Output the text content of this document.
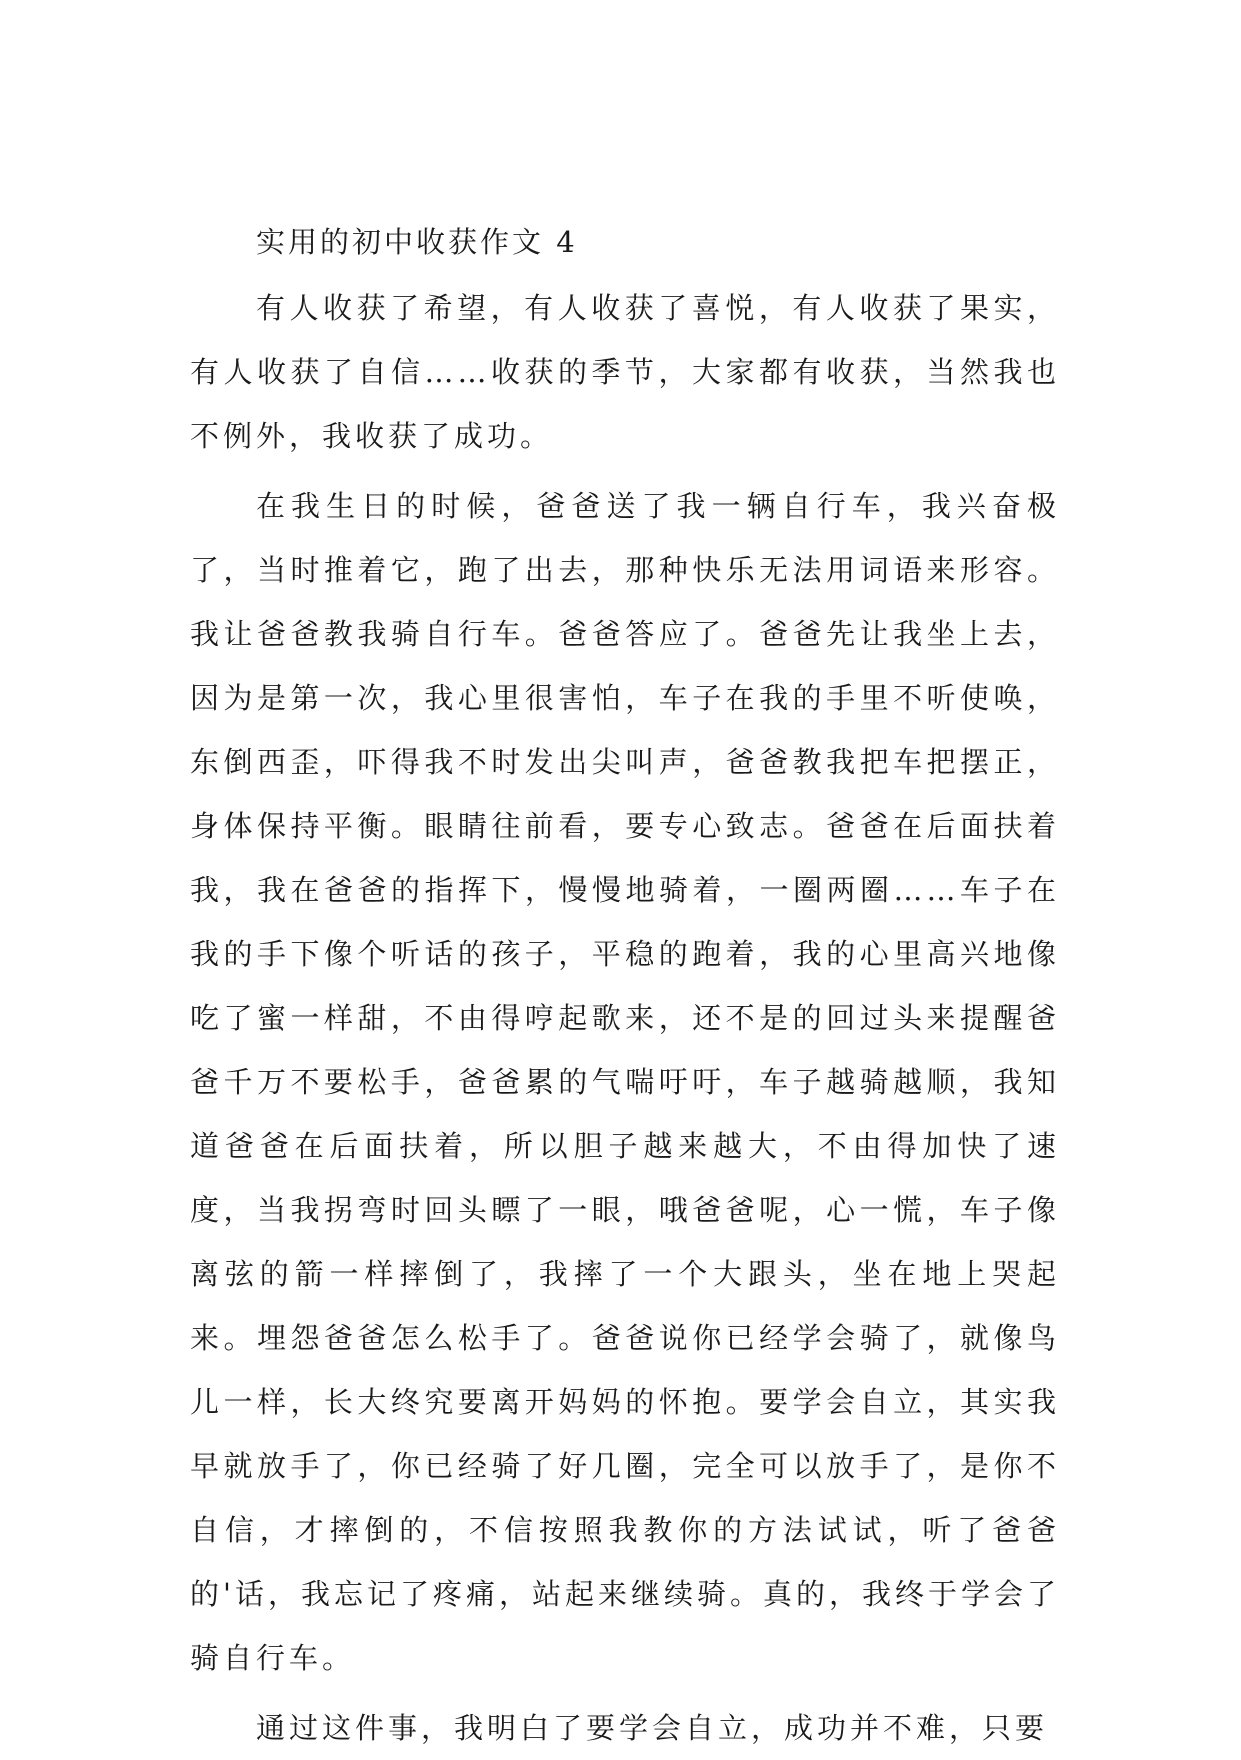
实用的初中收获作文 4

有人收获了希望，有人收获了喜悦，有人收获了果实，有人收获了自信……收获的季节，大家都有收获，当然我也不例外，我收获了成功。

在我生日的时候，爸爸送了我一辆自行车，我兴奋极了，当时推着它，跑了出去，那种快乐无法用词语来形容。我让爸爸教我骑自行车。爸爸答应了。爸爸先让我坐上去，因为是第一次，我心里很害怕，车子在我的手里不听使唤，东倒西歪，吓得我不时发出尖叫声，爸爸教我把车把摆正，身体保持平衡。眼睛往前看，要专心致志。爸爸在后面扶着我，我在爸爸的指挥下，慢慢地骑着，一圈两圈……车子在我的手下像个听话的孩子，平稳的跑着，我的心里高兴地像吃了蜜一样甜，不由得哼起歌来，还不是的回过头来提醒爸爸千万不要松手，爸爸累的气喘吁吁，车子越骑越顺，我知道爸爸在后面扶着，所以胆子越来越大，不由得加快了速度，当我拐弯时回头瞟了一眼，哦爸爸呢，心一慌，车子像离弦的箭一样摔倒了，我摔了一个大跟头，坐在地上哭起来。埋怨爸爸怎么松手了。爸爸说你已经学会骑了，就像鸟儿一样，长大终究要离开妈妈的怀抱。要学会自立，其实我早就放手了，你已经骑了好几圈，完全可以放手了，是你不自信，才摔倒的，不信按照我教你的方法试试，听了爸爸的'话，我忘记了疼痛，站起来继续骑。真的，我终于学会了骑自行车。

通过这件事，我明白了要学会自立，成功并不难，只要
